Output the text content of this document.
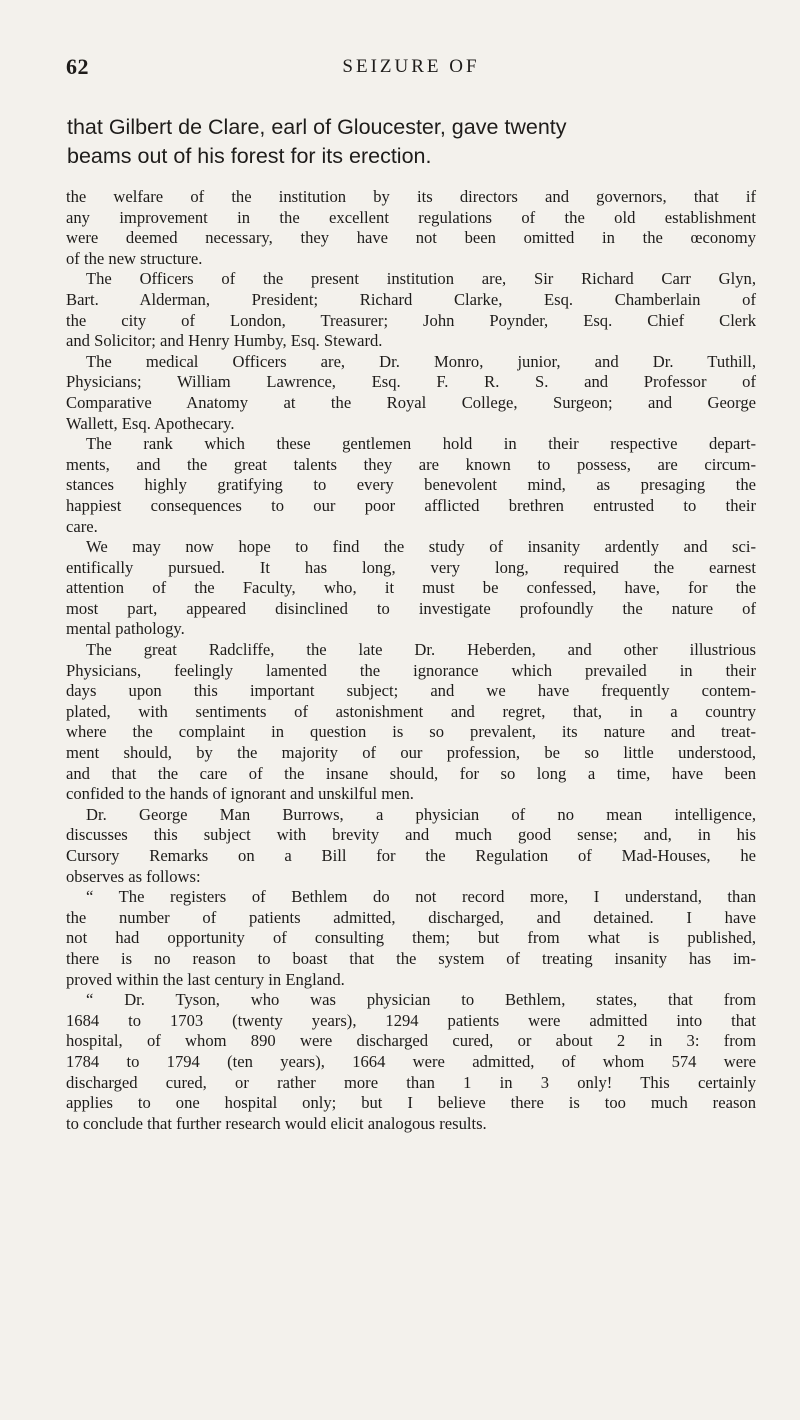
62	SEIZURE OF
that Gilbert de Clare, earl of Gloucester, gave twenty
beams out of his forest for its erection.
the welfare of the institution by its directors and governors, that if
any improvement in the excellent regulations of the old establishment
were deemed necessary, they have not been omitted in the œconomy
of the new structure.
The Officers of the present institution are, Sir Richard Carr Glyn,
Bart. Alderman, President; Richard Clarke, Esq. Chamberlain of
the city of London, Treasurer; John Poynder, Esq. Chief Clerk
and Solicitor; and Henry Humby, Esq. Steward.
The medical Officers are, Dr. Monro, junior, and Dr. Tuthill,
Physicians; William Lawrence, Esq. F. R. S. and Professor of
Comparative Anatomy at the Royal College, Surgeon; and George
Wallett, Esq. Apothecary.
The rank which these gentlemen hold in their respective depart-
ments, and the great talents they are known to possess, are circum-
stances highly gratifying to every benevolent mind, as presaging the
happiest consequences to our poor afflicted brethren entrusted to their
care.
We may now hope to find the study of insanity ardently and sci-
entifically pursued. It has long, very long, required the earnest
attention of the Faculty, who, it must be confessed, have, for the
most part, appeared disinclined to investigate profoundly the nature of
mental pathology.
The great Radcliffe, the late Dr. Heberden, and other illustrious
Physicians, feelingly lamented the ignorance which prevailed in their
days upon this important subject; and we have frequently contem-
plated, with sentiments of astonishment and regret, that, in a country
where the complaint in question is so prevalent, its nature and treat-
ment should, by the majority of our profession, be so little understood,
and that the care of the insane should, for so long a time, have been
confided to the hands of ignorant and unskilful men.
Dr. George Man Burrows, a physician of no mean intelligence,
discusses this subject with brevity and much good sense; and, in his
Cursory Remarks on a Bill for the Regulation of Mad-Houses, he
observes as follows:
“ The registers of Bethlem do not record more, I understand, than
the number of patients admitted, discharged, and detained. I have
not had opportunity of consulting them; but from what is published,
there is no reason to boast that the system of treating insanity has im-
proved within the last century in England.
“ Dr. Tyson, who was physician to Bethlem, states, that from
1684 to 1703 (twenty years), 1294 patients were admitted into that
hospital, of whom 890 were discharged cured, or about 2 in 3: from
1784 to 1794 (ten years), 1664 were admitted, of whom 574 were
discharged cured, or rather more than 1 in 3 only! This certainly
applies to one hospital only; but I believe there is too much reason
to conclude that further research would elicit analogous results.
